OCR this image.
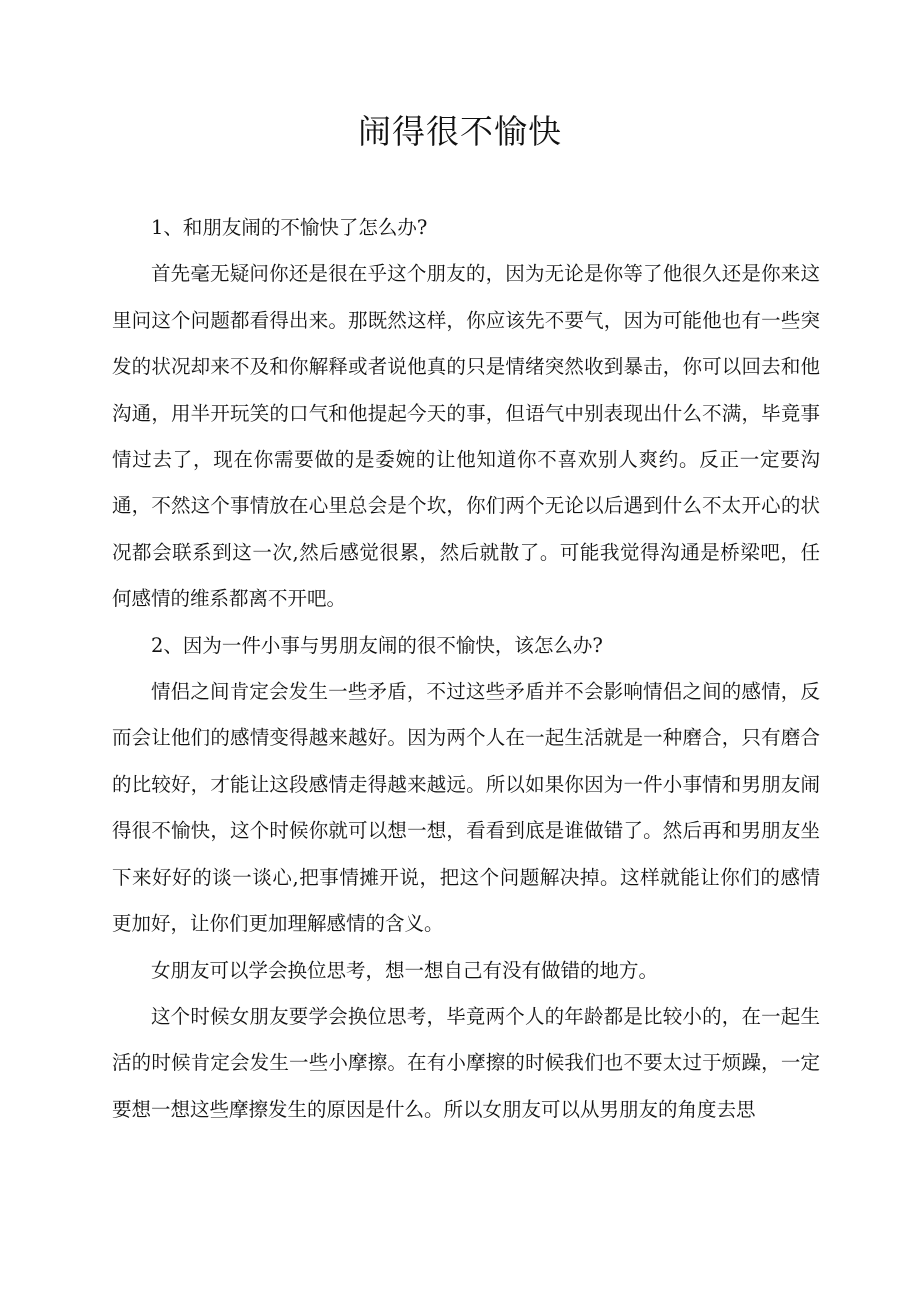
闹得很不愉快

1、和朋友闹的不愉快了怎么办?

首先毫无疑问你还是很在乎这个朋友的，因为无论是你等了他很久还是你来这里问这个问题都看得出来。那既然这样，你应该先不要气，因为可能他也有一些突发的状况却来不及和你解释或者说他真的只是情绪突然收到暴击，你可以回去和他沟通，用半开玩笑的口气和他提起今天的事，但语气中别表现出什么不满，毕竟事情过去了，现在你需要做的是委婉的让他知道你不喜欢别人爽约。反正一定要沟通，不然这个事情放在心里总会是个坎，你们两个无论以后遇到什么不太开心的状况都会联系到这一次,然后感觉很累，然后就散了。可能我觉得沟通是桥梁吧，任何感情的维系都离不开吧。

2、因为一件小事与男朋友闹的很不愉快，该怎么办?

情侣之间肯定会发生一些矛盾，不过这些矛盾并不会影响情侣之间的感情，反而会让他们的感情变得越来越好。因为两个人在一起生活就是一种磨合，只有磨合的比较好，才能让这段感情走得越来越远。所以如果你因为一件小事情和男朋友闹得很不愉快，这个时候你就可以想一想，看看到底是谁做错了。然后再和男朋友坐下来好好的谈一谈心,把事情摊开说，把这个问题解决掉。这样就能让你们的感情更加好，让你们更加理解感情的含义。

女朋友可以学会换位思考，想一想自己有没有做错的地方。

这个时候女朋友要学会换位思考，毕竟两个人的年龄都是比较小的，在一起生活的时候肯定会发生一些小摩擦。在有小摩擦的时候我们也不要太过于烦躁，一定要想一想这些摩擦发生的原因是什么。所以女朋友可以从男朋友的角度去思
